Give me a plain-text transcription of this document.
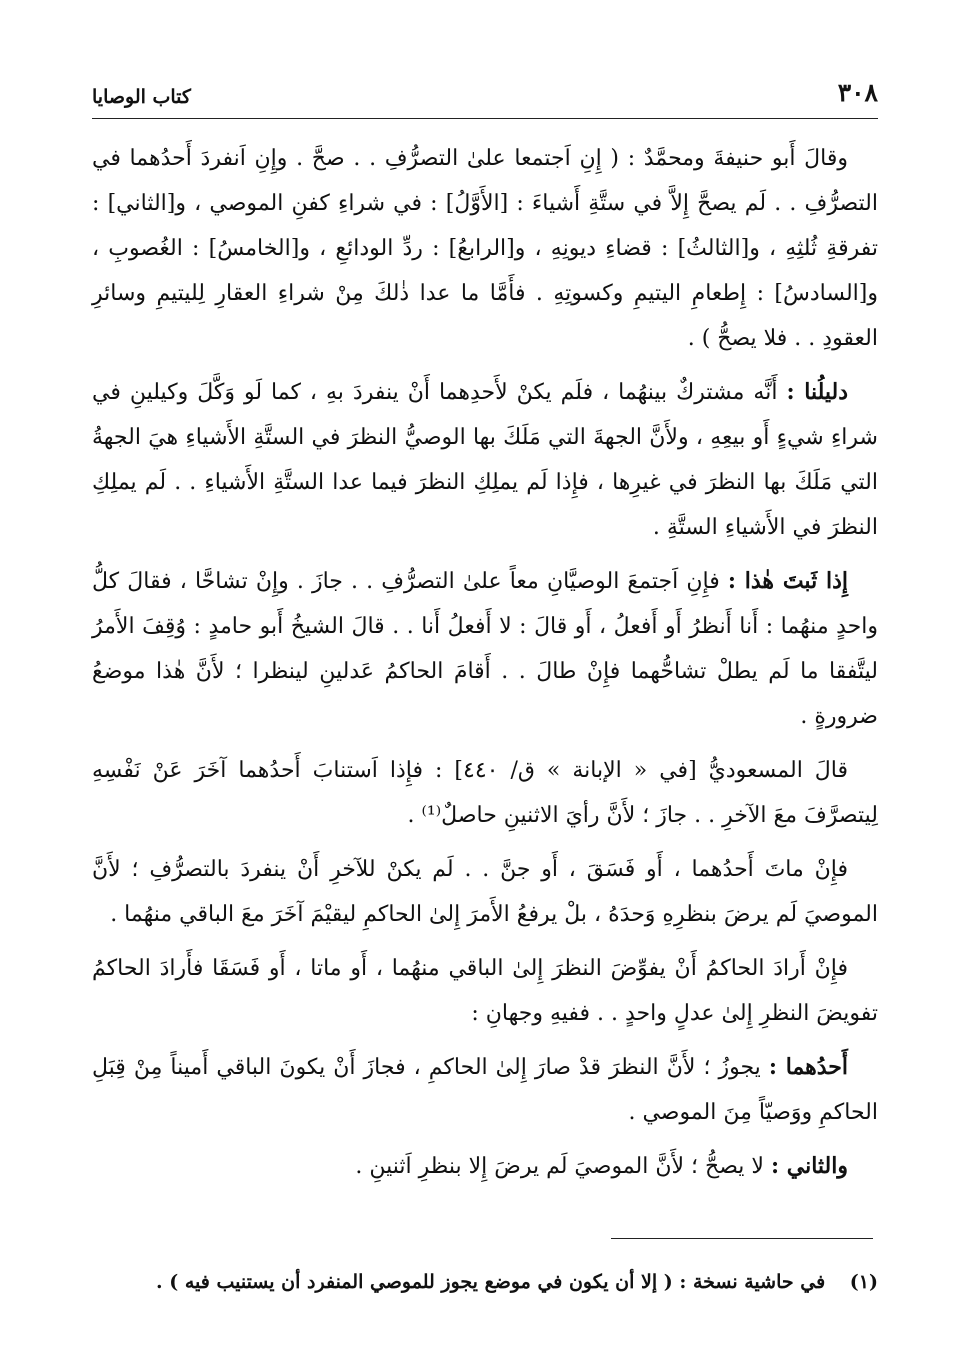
٣٠٨
كتاب الوصايا

وقالَ أَبو حنيفةَ ومحمَّدٌ : ( إِنِ اَجتمعا علىٰ التصرُّفِ . . صحَّ . وإِنِ اَنفردَ أَحدُهما في التصرُّفِ . . لَم يصحَّ إِلاَّ في ستَّةِ أَشياءَ : [الأَوَّلُ] : في شراءِ كفنِ الموصي ، و[الثاني] : تفرقةِ ثُلثِهِ ، و[الثالثُ] : قضاءِ ديونِهِ ، و[الرابعُ] : ردِّ الودائعِ ، و[الخامسُ] : الغُصوبِ ، و[السادسُ] : إِطعامِ اليتيمِ وكسوتِهِ . فأَمَّا ما عدا ذٰلكَ مِنْ شراءِ العقارِ لِليتيمِ وسائرِ العقودِ . . فلا يصحُّ ) .

دليلُنا : أَنَّه مشتركٌ بينهُما ، فلَم يكنْ لأَحدِهما أَنْ ينفردَ بهِ ، كما لَو وَكَّلَ وكيلينِ في شراءِ شيءٍ أَو بيعِهِ ، ولأَنَّ الجهةَ التي مَلَكَ بها الوصيُّ النظرَ في الستَّةِ الأَشياءِ هيَ الجهةُ التي مَلَكَ بها النظرَ في غيرِها ، فإِذا لَم يملِكِ النظرَ فيما عدا الستَّةِ الأَشياءِ . . لَم يملِكِ النظرَ في الأَشياءِ الستَّةِ .

إِذا ثَبتَ هٰذا : فإِنِ اَجتمعَ الوصيَّانِ معاً علىٰ التصرُّفِ . . جازَ . وإِنْ تشاحَّا ، فقالَ كلُّ واحدٍ منهُما : أَنا أَنظرُ أَو أَفعلُ ، أَو قالَ : لا أَفعلُ أَنا . . قالَ الشيخُ أَبو حامدٍ : وُقِفَ الأَمرُ ليتَّفقا ما لَم يطلْ تشاحُّهما فإِنْ طالَ . . أَقامَ الحاكمُ عَدلينِ لينظرا ؛ لأَنَّ هٰذا موضعُ ضرورةٍ .

قالَ المسعوديُّ [في « الإبانة » ق/ ٤٤٠] : فإِذا اَستنابَ أَحدُهما آخَرَ عَنْ نَفْسِهِ لِيتصرَّفَ معَ الآخرِ . . جازَ ؛ لأَنَّ رأيَ الاثنينِ حاصلٌ⁽¹⁾ .

فإِنْ ماتَ أَحدُهما ، أَو فَسَقَ ، أَو جنَّ . . لَم يكنْ للآخرِ أَنْ ينفردَ بالتصرُّفِ ؛ لأَنَّ الموصيَ لَم يرضَ بنظرِهِ وَحدَهُ ، بلْ يرفعُ الأَمرَ إِلىٰ الحاكمِ ليقيْمَ آخَرَ معَ الباقي منهُما .

فإِنْ أَرادَ الحاكمُ أَنْ يفوِّضَ النظرَ إِلىٰ الباقي منهُما ، أَو ماتا ، أَو فَسَقَا فأَرادَ الحاكمُ تفويضَ النظرِ إِلىٰ عدلٍ واحدٍ . . ففيهِ وجهانِ :

أَحدُهما : يجوزُ ؛ لأَنَّ النظرَ قدْ صارَ إِلىٰ الحاكمِ ، فجازَ أَنْ يكونَ الباقي أَميناً مِنْ قِبَلِ الحاكمِ ووَصيّاً مِنَ الموصي .

والثاني : لا يصحُّ ؛ لأَنَّ الموصيَ لَم يرضَ إِلا بنظرِ اَثنينِ .

(١) في حاشية نسخة : ( إلا أن يكون في موضع يجوز للموصي المنفرد أن يستنيب فيه ) .
